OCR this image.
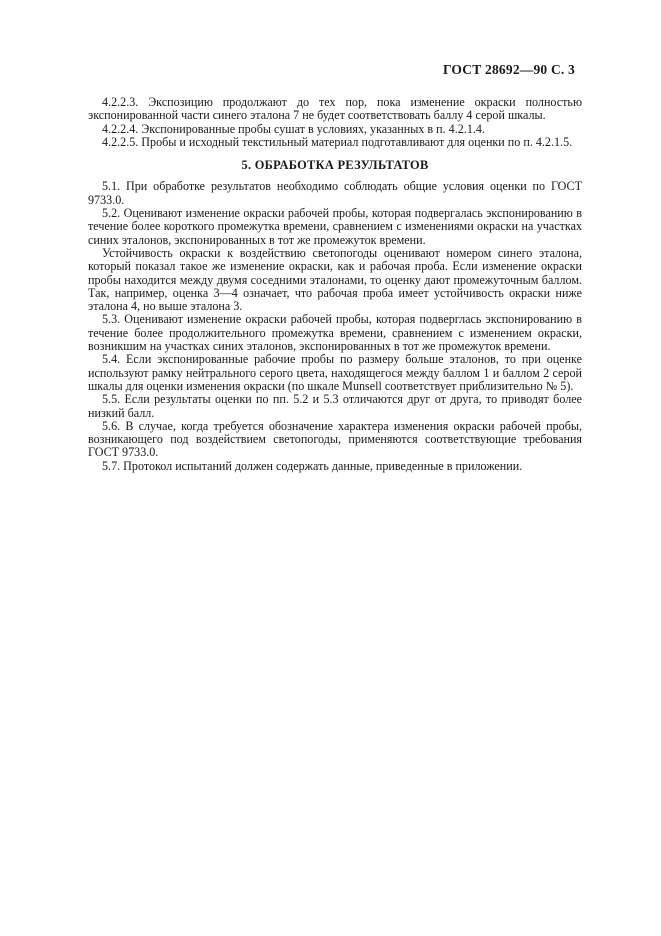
ГОСТ 28692—90 С. 3

4.2.2.3. Экспозицию продолжают до тех пор, пока изменение окраски полностью экспонированной части синего эталона 7 не будет соответствовать баллу 4 серой шкалы.

4.2.2.4. Экспонированные пробы сушат в условиях, указанных в п. 4.2.1.4.

4.2.2.5. Пробы и исходный текстильный материал подготавливают для оценки по п. 4.2.1.5.

5. ОБРАБОТКА РЕЗУЛЬТАТОВ

5.1. При обработке результатов необходимо соблюдать общие условия оценки по ГОСТ 9733.0.

5.2. Оценивают изменение окраски рабочей пробы, которая подвергалась экспонированию в течение более короткого промежутка времени, сравнением с изменениями окраски на участках синих эталонов, экспонированных в тот же промежуток времени.

Устойчивость окраски к воздействию светопогоды оценивают номером синего эталона, который показал такое же изменение окраски, как и рабочая проба. Если изменение окраски пробы находится между двумя соседними эталонами, то оценку дают промежуточным баллом. Так, например, оценка 3—4 означает, что рабочая проба имеет устойчивость окраски ниже эталона 4, но выше эталона 3.

5.3. Оценивают изменение окраски рабочей пробы, которая подверглась экспонированию в течение более продолжительного промежутка времени, сравнением с изменением окраски, возникшим на участках синих эталонов, экспонированных в тот же промежуток времени.

5.4. Если экспонированные рабочие пробы по размеру больше эталонов, то при оценке используют рамку нейтрального серого цвета, находящегося между баллом 1 и баллом 2 серой шкалы для оценки изменения окраски (по шкале Munsell соответствует приблизительно № 5).

5.5. Если результаты оценки по пп. 5.2 и 5.3 отличаются друг от друга, то приводят более низкий балл.

5.6. В случае, когда требуется обозначение характера изменения окраски рабочей пробы, возникающего под воздействием светопогоды, применяются соответствующие требования ГОСТ 9733.0.

5.7. Протокол испытаний должен содержать данные, приведенные в приложении.
